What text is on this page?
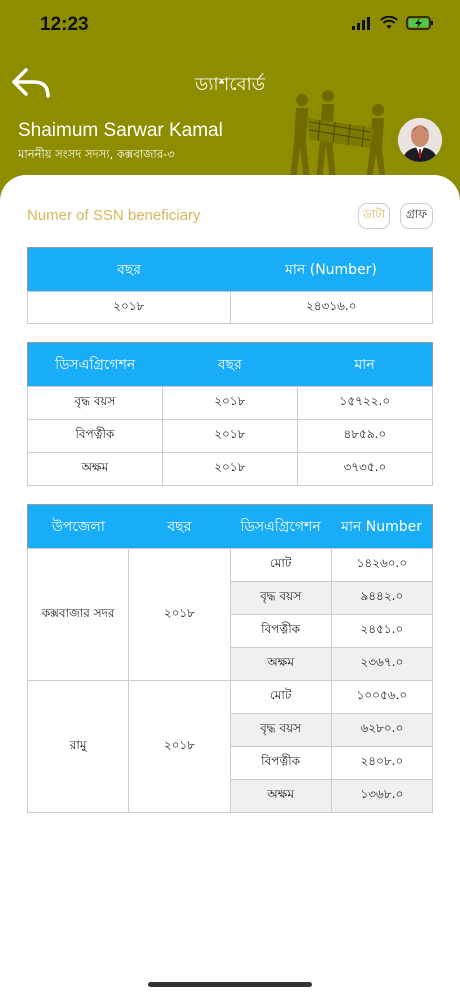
12:23
ড্যাশবোর্ড
Shaimum Sarwar Kamal
মাননীয় সংসদ সদস্য, কক্সবাজার-৩
Numer of SSN beneficiary	ডাটা	গ্রাফ
বছর	মান (Number)
২০১৮	২৪৩১৬.০
ডিসএগ্রিগেশন	বছর	মান
বৃদ্ধ বয়স	২০১৮	১৫৭২২.০
বিপত্নীক	২০১৮	৪৮৫৯.০
অক্ষম	২০১৮	৩৭৩৫.০
উপজেলা	বছর	ডিসএগ্রিগেশন	মান Number
কক্সবাজার সদর	২০১৮	মোট	১৪২৬০.০
		বৃদ্ধ বয়স	৯৪৪২.০
		বিপত্নীক	২৪৫১.০
		অক্ষম	২৩৬৭.০
রামু	২০১৮	মোট	১০০৫৬.০
		বৃদ্ধ বয়স	৬২৮০.০
		বিপত্নীক	২৪০৮.০
		অক্ষম	১৩৬৮.০
